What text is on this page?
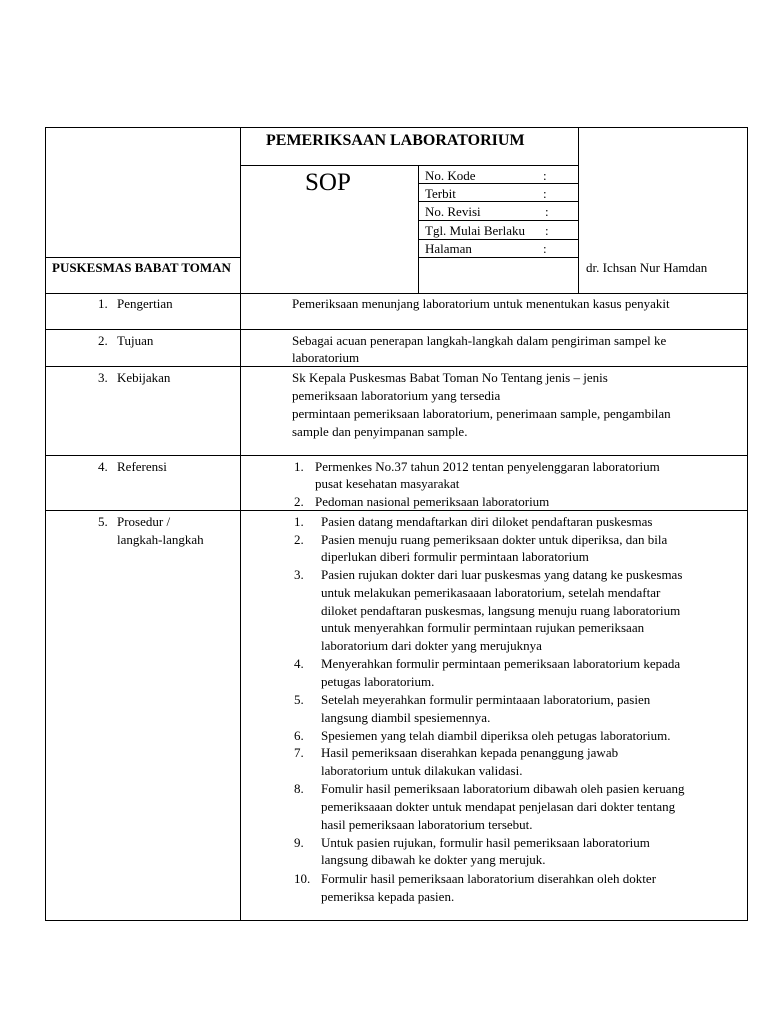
PEMERIKSAAN LABORATORIUM
SOP	No. Kode	:
Terbit	:
No. Revisi	:
Tgl. Mulai Berlaku :
Halaman	:
PUSKESMAS BABAT TOMAN	dr. Ichsan Nur Hamdan
1. Pengertian	Pemeriksaan menunjang laboratorium untuk menentukan kasus penyakit
2. Tujuan	Sebagai acuan penerapan langkah-langkah dalam pengiriman sampel ke
laboratorium
3. Kebijakan	Sk Kepala Puskesmas Babat Toman No Tentang jenis – jenis
pemeriksaan laboratorium yang tersedia
permintaan pemeriksaan laboratorium, penerimaan sample, pengambilan
sample dan penyimpanan sample.
4. Referensi	1. Permenkes No.37 tahun 2012 tentan penyelenggaran laboratorium
pusat kesehatan masyarakat
2. Pedoman nasional pemeriksaan laboratorium
5. Prosedur /
langkah-langkah
1. Pasien datang mendaftarkan diri diloket pendaftaran puskesmas
2. Pasien menuju ruang pemeriksaan dokter untuk diperiksa, dan bila
diperlukan diberi formulir permintaan laboratorium
3. Pasien rujukan dokter dari luar puskesmas yang datang ke puskesmas
untuk melakukan pemerikasaaan laboratorium, setelah mendaftar
diloket pendaftaran puskesmas, langsung menuju ruang laboratorium
untuk menyerahkan formulir permintaan rujukan pemeriksaan
laboratorium dari dokter yang merujuknya
4. Menyerahkan formulir permintaan pemeriksaan laboratorium kepada
petugas laboratorium.
5. Setelah meyerahkan formulir permintaaan laboratorium, pasien
langsung diambil spesiemennya.
6. Spesiemen yang telah diambil diperiksa oleh petugas laboratorium.
7. Hasil pemeriksaan diserahkan kepada penanggung jawab
laboratorium untuk dilakukan validasi.
8. Fomulir hasil pemeriksaan laboratorium dibawah oleh pasien keruang
pemeriksaaan dokter untuk mendapat penjelasan dari dokter tentang
hasil pemeriksaan laboratorium tersebut.
9. Untuk pasien rujukan, formulir hasil pemeriksaan laboratorium
langsung dibawah ke dokter yang merujuk.
10. Formulir hasil pemeriksaan laboratorium diserahkan oleh dokter
pemeriksa kepada pasien.
